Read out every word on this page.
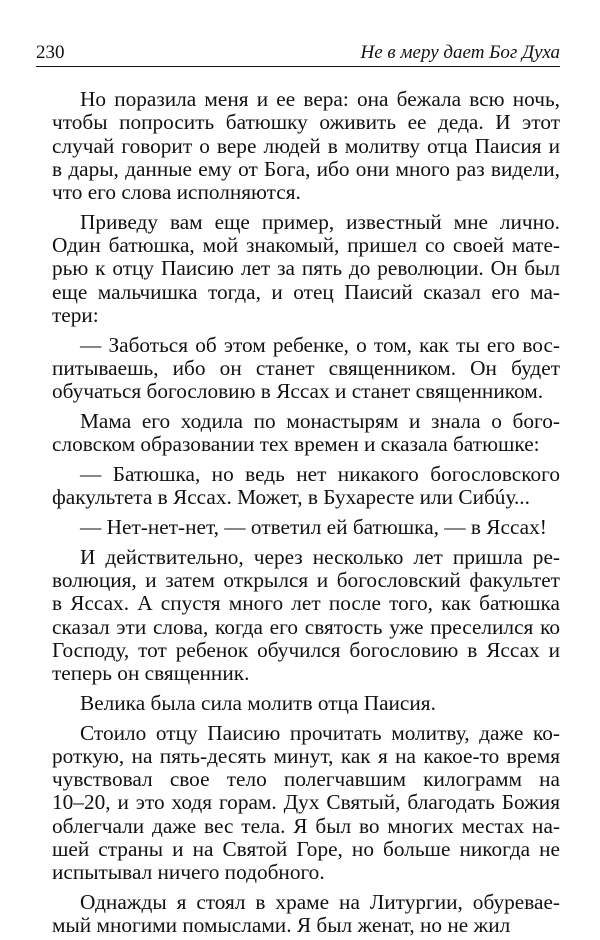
230	Не в меру дает Бог Духа
Но поразила меня и ее вера: она бежала всю ночь,
чтобы попросить батюшку оживить ее деда. И этот
случай говорит о вере людей в молитву отца Паисия и
в дары, данные ему от Бога, ибо они много раз видели,
что его слова исполняются.
Приведу вам еще пример, известный мне лично.
Один батюшка, мой знакомый, пришел со своей мате-
рью к отцу Паисию лет за пять до революции. Он был
еще мальчишка тогда, и отец Паисий сказал его ма-
тери:
— Заботься об этом ребенке, о том, как ты его вос-
питываешь, ибо он станет священником. Он будет
обучаться богословию в Яссах и станет священником.
Мама его ходила по монастырям и знала о бого-
словском образовании тех времен и сказала батюшке:
— Батюшка, но ведь нет никакого богословского
факультета в Яссах. Может, в Бухаресте или Сибúу...
— Нет-нет-нет, — ответил ей батюшка, — в Яссах!
И действительно, через несколько лет пришла ре-
волюция, и затем открылся и богословский факультет
в Яссах. А спустя много лет после того, как батюшка
сказал эти слова, когда его святость уже преселился ко
Господу, тот ребенок обучился богословию в Яссах и
теперь он священник.
Велика была сила молитв отца Паисия.
Стоило отцу Паисию прочитать молитву, даже ко-
роткую, на пять-десять минут, как я на какое-то время
чувствовал свое тело полегчавшим килограмм на
10–20, и это ходя горам. Дух Святый, благодать Божия
облегчали даже вес тела. Я был во многих местах на-
шей страны и на Святой Горе, но больше никогда не
испытывал ничего подобного.
Однажды я стоял в храме на Литургии, обуревае-
мый многими помыслами. Я был женат, но не жил
